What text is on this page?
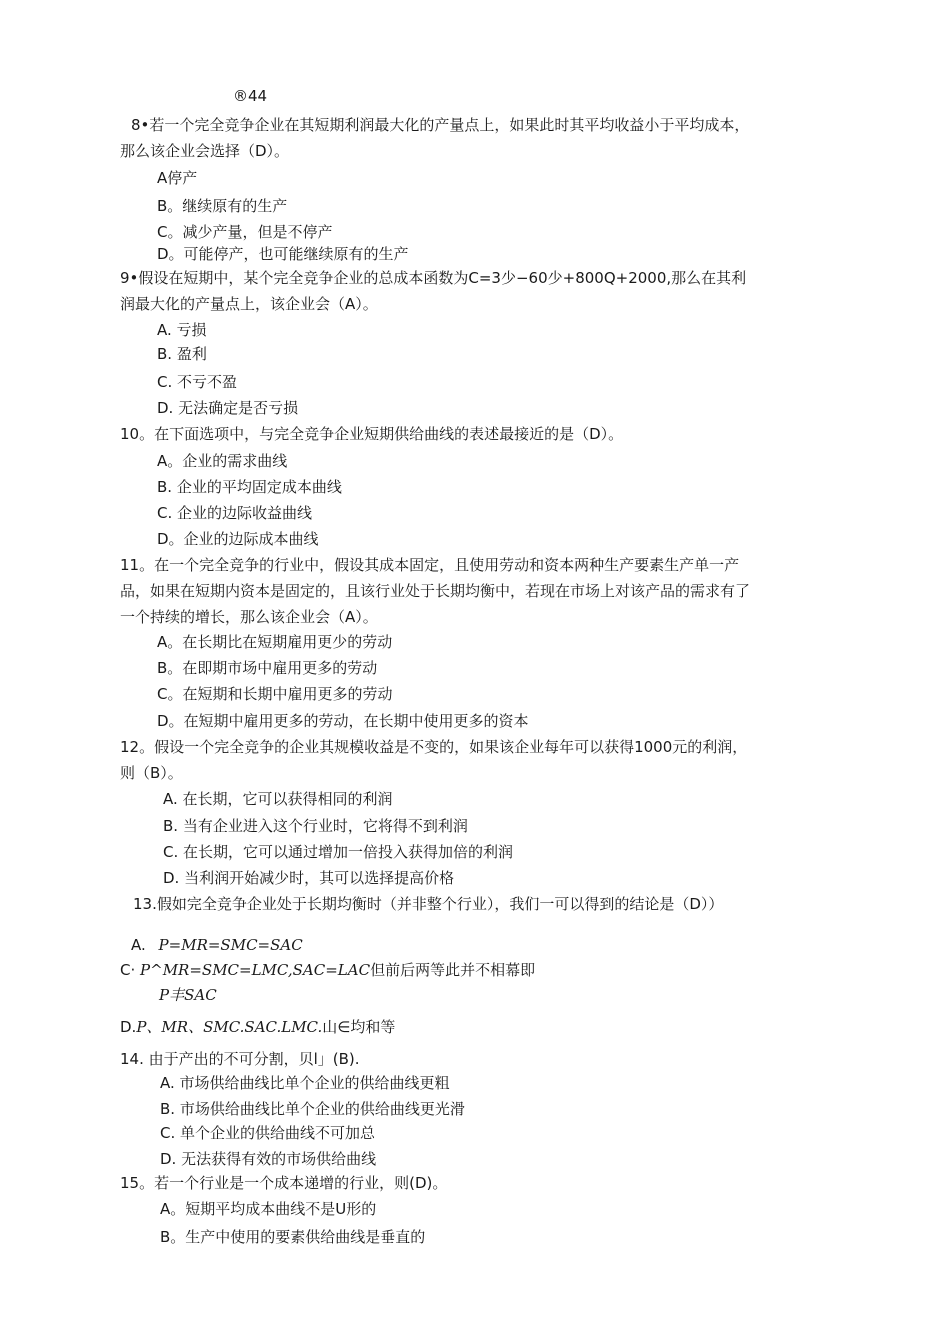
®44
8•若一个完全竞争企业在其短期利润最大化的产量点上，如果此时其平均收益小于平均成本，
那么该企业会选择（D）。
A停产
B。继续原有的生产
C。减少产量，但是不停产
D。可能停产，也可能继续原有的生产
9•假设在短期中，某个完全竞争企业的总成本函数为C=3少−60少+800Q+2000,那么在其利
润最大化的产量点上，该企业会（A）。
A. 亏损
B. 盈利
C. 不亏不盈
D. 无法确定是否亏损
10。在下面选项中，与完全竞争企业短期供给曲线的表述最接近的是（D）。
A。企业的需求曲线
B. 企业的平均固定成本曲线
C. 企业的边际收益曲线
D。企业的边际成本曲线
11。在一个完全竞争的行业中，假设其成本固定，且使用劳动和资本两种生产要素生产单一产
品，如果在短期内资本是固定的，且该行业处于长期均衡中，若现在市场上对该产品的需求有了
一个持续的增长，那么该企业会（A）。
A。在长期比在短期雇用更少的劳动
B。在即期市场中雇用更多的劳动
C。在短期和长期中雇用更多的劳动
D。在短期中雇用更多的劳动，在长期中使用更多的资本
12。假设一个完全竞争的企业其规模收益是不变的，如果该企业每年可以获得1000元的利润，
则（B）。
A. 在长期，它可以获得相同的利润
B. 当有企业进入这个行业时，它将得不到利润
C. 在长期，它可以通过增加一倍投入获得加倍的利润
D. 当利润开始减少时，其可以选择提高价格
13.假如完全竞争企业处于长期均衡时（并非整个行业），我们一可以得到的结论是（D））
A. P=MR=SMC=SAC
C· P^MR=SMC=LMC,SAC=LAC但前后两等此并不相幕即
P丰SAC
D.P、MR、SMC.SAC.LMC.山∈均和等
14. 由于产出的不可分割，贝l」(B).
A. 市场供给曲线比单个企业的供给曲线更粗
B. 市场供给曲线比单个企业的供给曲线更光滑
C. 单个企业的供给曲线不可加总
D. 无法获得有效的市场供给曲线
15。若一个行业是一个成本递增的行业，则(D)。
A。短期平均成本曲线不是U形的
B。生产中使用的要素供给曲线是垂直的
